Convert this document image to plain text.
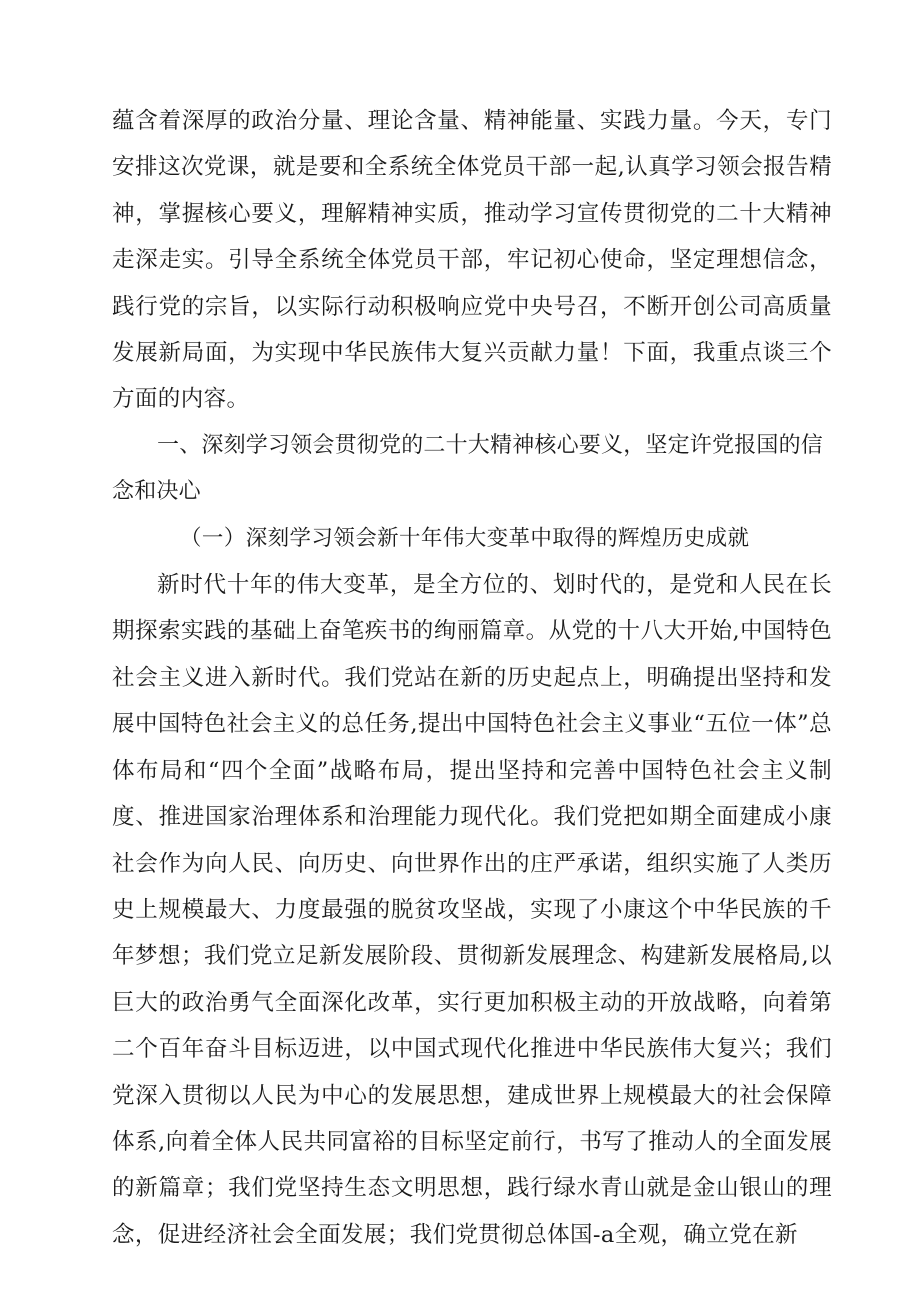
蕴含着深厚的政治分量、理论含量、精神能量、实践力量。今天，专门安排这次党课，就是要和全系统全体党员干部一起,认真学习领会报告精神，掌握核心要义，理解精神实质，推动学习宣传贯彻党的二十大精神走深走实。引导全系统全体党员干部，牢记初心使命，坚定理想信念，践行党的宗旨，以实际行动积极响应党中央号召，不断开创公司高质量发展新局面，为实现中华民族伟大复兴贡献力量！下面，我重点谈三个方面的内容。

一、深刻学习领会贯彻党的二十大精神核心要义，坚定许党报国的信念和决心

（一）深刻学习领会新十年伟大变革中取得的辉煌历史成就

新时代十年的伟大变革，是全方位的、划时代的，是党和人民在长期探索实践的基础上奋笔疾书的绚丽篇章。从党的十八大开始,中国特色社会主义进入新时代。我们党站在新的历史起点上，明确提出坚持和发展中国特色社会主义的总任务,提出中国特色社会主义事业“五位一体”总体布局和“四个全面”战略布局，提出坚持和完善中国特色社会主义制度、推进国家治理体系和治理能力现代化。我们党把如期全面建成小康社会作为向人民、向历史、向世界作出的庄严承诺，组织实施了人类历史上规模最大、力度最强的脱贫攻坚战，实现了小康这个中华民族的千年梦想；我们党立足新发展阶段、贯彻新发展理念、构建新发展格局,以巨大的政治勇气全面深化改革，实行更加积极主动的开放战略，向着第二个百年奋斗目标迈进，以中国式现代化推进中华民族伟大复兴；我们党深入贯彻以人民为中心的发展思想，建成世界上规模最大的社会保障体系,向着全体人民共同富裕的目标坚定前行，书写了推动人的全面发展的新篇章；我们党坚持生态文明思想，践行绿水青山就是金山银山的理念，促进经济社会全面发展；我们党贯彻总体国-a全观，确立党在新
